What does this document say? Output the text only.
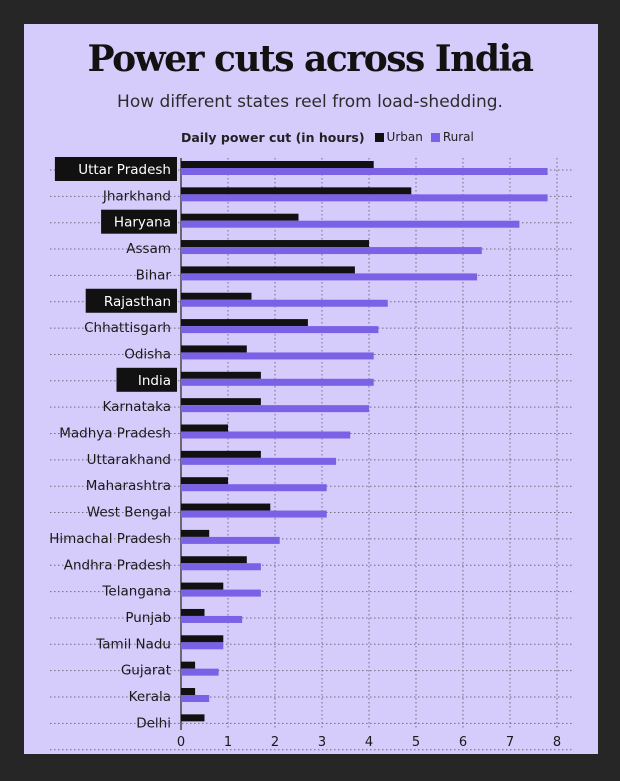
Power cuts across India
How different states reel from load-shedding.
Daily power cut (in hours) Urban Rural
Uttar Pradesh
Jharkhand
Haryana
Assam
Bihar
Rajasthan
Chhattisgarh
Odisha
India
Karnataka
Madhya Pradesh
Uttarakhand
Maharashtra
West Bengal
Himachal Pradesh
Andhra Pradesh
Telangana
Punjab
Tamil Nadu
Gujarat
Kerala
Delhi
0	1	2	3	4	5	6	7	8
